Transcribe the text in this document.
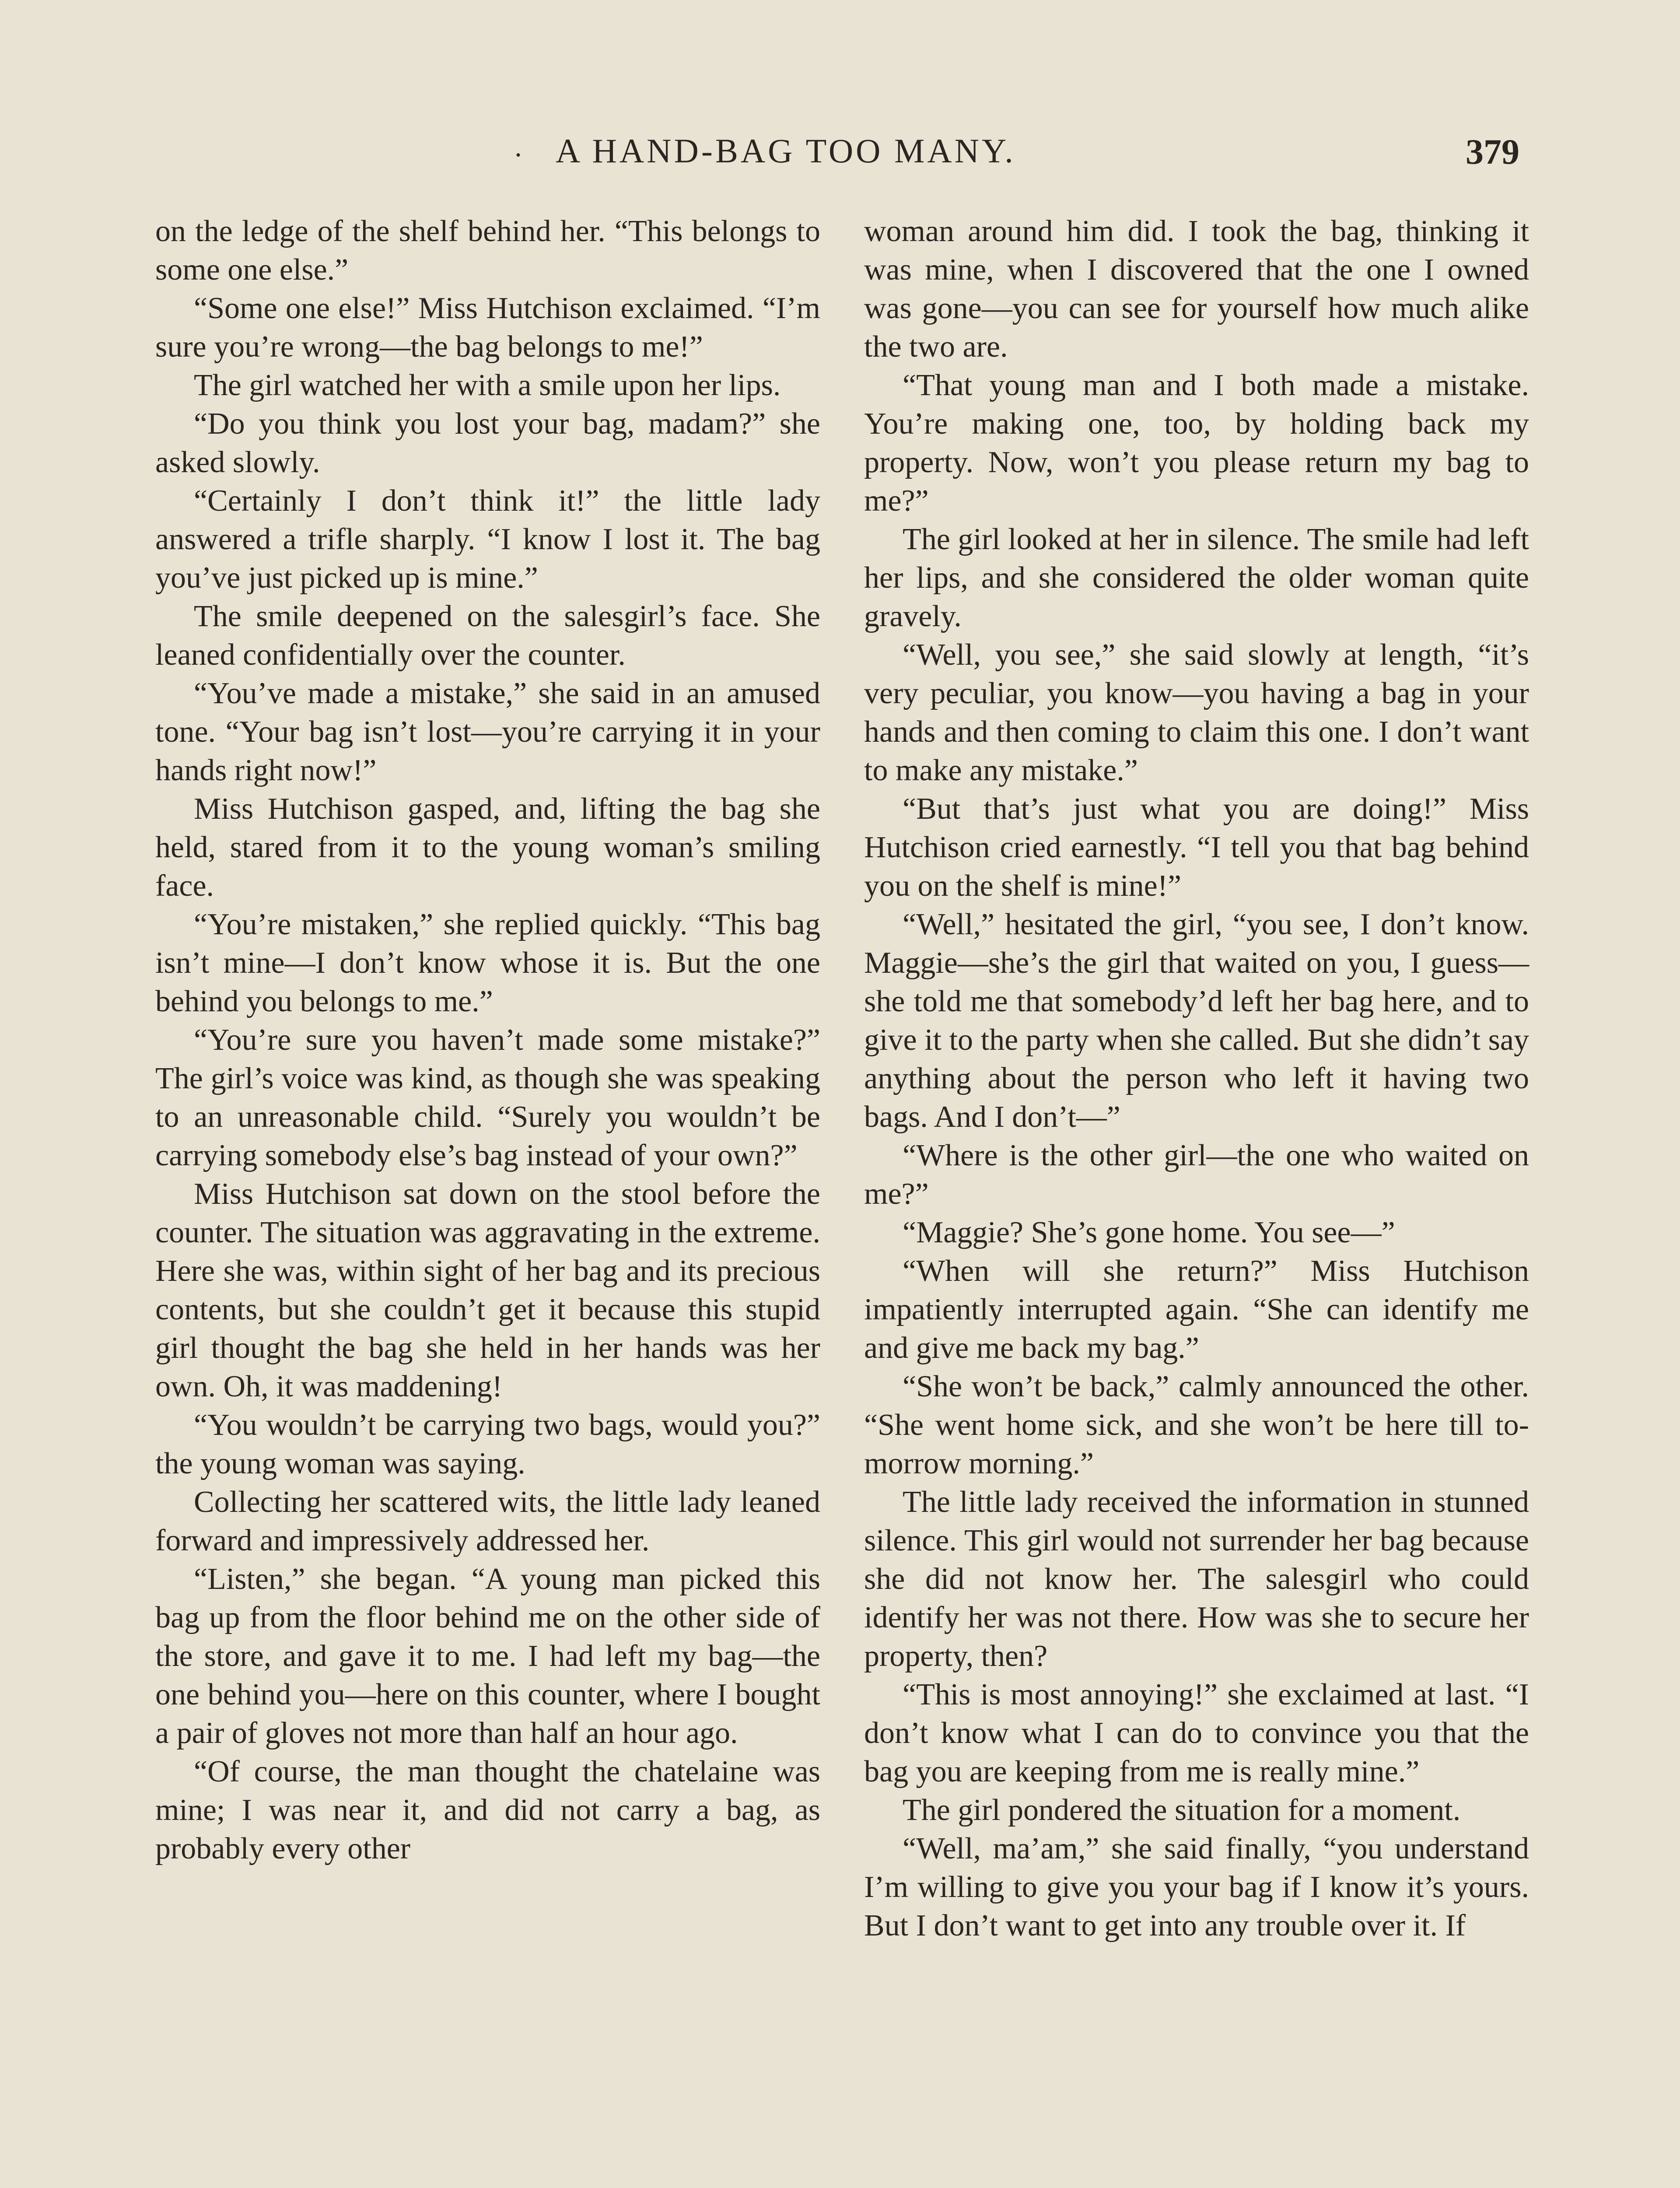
· A HAND-BAG TOO MANY.	379

on the ledge of the shelf behind her. “This belongs to some one else.”

“Some one else!” Miss Hutchison exclaimed. “I’m sure you’re wrong—the bag belongs to me!”

The girl watched her with a smile upon her lips.

“Do you think you lost your bag, madam?” she asked slowly.

“Certainly I don’t think it!” the little lady answered a trifle sharply. “I know I lost it. The bag you’ve just picked up is mine.”

The smile deepened on the salesgirl’s face. She leaned confidentially over the counter.

“You’ve made a mistake,” she said in an amused tone. “Your bag isn’t lost—you’re carrying it in your hands right now!”

Miss Hutchison gasped, and, lifting the bag she held, stared from it to the young woman’s smiling face.

“You’re mistaken,” she replied quickly. “This bag isn’t mine—I don’t know whose it is. But the one behind you belongs to me.”

“You’re sure you haven’t made some mistake?” The girl’s voice was kind, as though she was speaking to an unreasonable child. “Surely you wouldn’t be carrying somebody else’s bag instead of your own?”

Miss Hutchison sat down on the stool before the counter. The situation was aggravating in the extreme. Here she was, within sight of her bag and its precious contents, but she couldn’t get it because this stupid girl thought the bag she held in her hands was her own. Oh, it was maddening!

“You wouldn’t be carrying two bags, would you?” the young woman was saying.

Collecting her scattered wits, the little lady leaned forward and impressively addressed her.

“Listen,” she began. “A young man picked this bag up from the floor behind me on the other side of the store, and gave it to me. I had left my bag—the one behind you—here on this counter, where I bought a pair of gloves not more than half an hour ago.

“Of course, the man thought the chatelaine was mine; I was near it, and did not carry a bag, as probably every other

woman around him did. I took the bag, thinking it was mine, when I discovered that the one I owned was gone—you can see for yourself how much alike the two are.

“That young man and I both made a mistake. You’re making one, too, by holding back my property. Now, won’t you please return my bag to me?”

The girl looked at her in silence. The smile had left her lips, and she considered the older woman quite gravely.

“Well, you see,” she said slowly at length, “it’s very peculiar, you know—you having a bag in your hands and then coming to claim this one. I don’t want to make any mistake.”

“But that’s just what you are doing!” Miss Hutchison cried earnestly. “I tell you that bag behind you on the shelf is mine!”

“Well,” hesitated the girl, “you see, I don’t know. Maggie—she’s the girl that waited on you, I guess—she told me that somebody’d left her bag here, and to give it to the party when she called. But she didn’t say anything about the person who left it having two bags. And I don’t—”

“Where is the other girl—the one who waited on me?”

“Maggie? She’s gone home. You see—”

“When will she return?” Miss Hutchison impatiently interrupted again. “She can identify me and give me back my bag.”

“She won’t be back,” calmly announced the other. “She went home sick, and she won’t be here till to-morrow morning.”

The little lady received the information in stunned silence. This girl would not surrender her bag because she did not know her. The salesgirl who could identify her was not there. How was she to secure her property, then?

“This is most annoying!” she exclaimed at last. “I don’t know what I can do to convince you that the bag you are keeping from me is really mine.”

The girl pondered the situation for a moment.

“Well, ma’am,” she said finally, “you understand I’m willing to give you your bag if I know it’s yours. But I don’t want to get into any trouble over it. If
